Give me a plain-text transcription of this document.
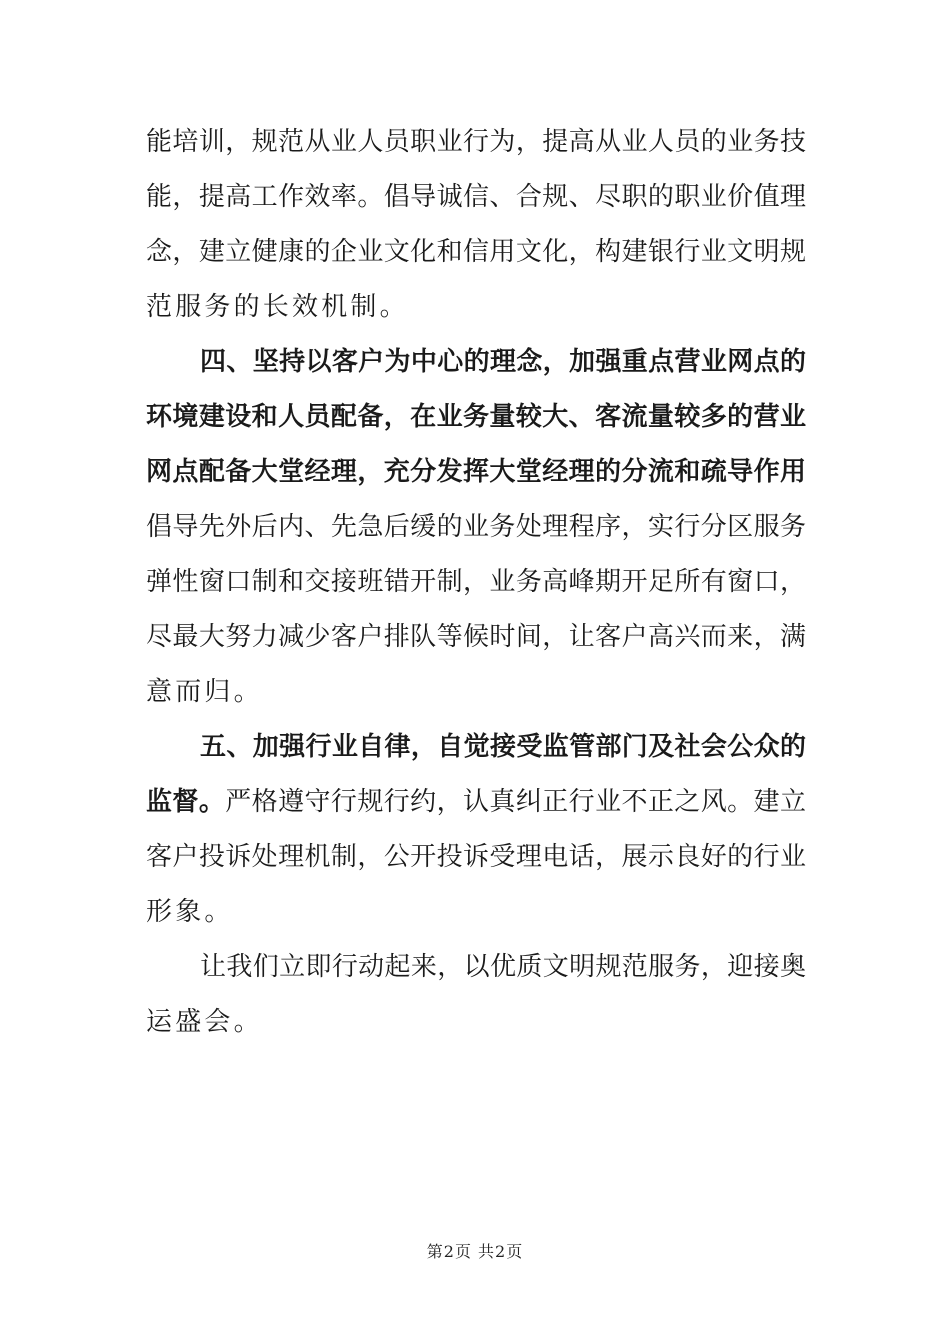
能培训，规范从业人员职业行为，提高从业人员的业务技
能，提高工作效率。倡导诚信、合规、尽职的职业价值理
念，建立健康的企业文化和信用文化，构建银行业文明规
范服务的长效机制。
四、坚持以客户为中心的理念，加强重点营业网点的
环境建设和人员配备，在业务量较大、客流量较多的营业
网点配备大堂经理，充分发挥大堂经理的分流和疏导作用
倡导先外后内、先急后缓的业务处理程序，实行分区服务
弹性窗口制和交接班错开制，业务高峰期开足所有窗口，
尽最大努力减少客户排队等候时间，让客户高兴而来，满
意而归。
五、加强行业自律，自觉接受监管部门及社会公众的
监督。严格遵守行规行约，认真纠正行业不正之风。建立
客户投诉处理机制，公开投诉受理电话，展示良好的行业
形象。
让我们立即行动起来，以优质文明规范服务，迎接奥
运盛会。
第2页 共2页
